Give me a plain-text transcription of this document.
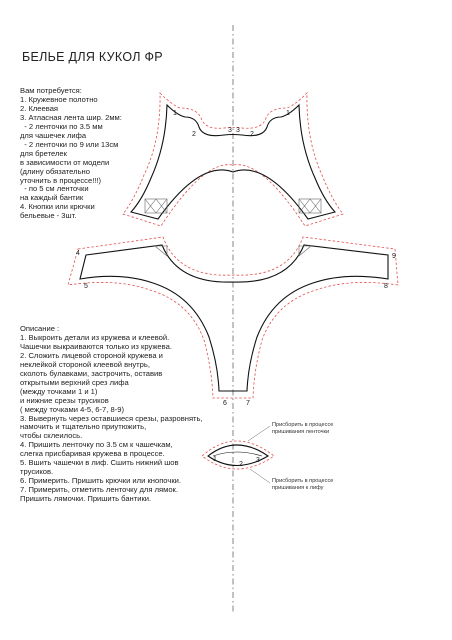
БЕЛЬЕ ДЛЯ КУКОЛ ФР
Вам потребуется:
1. Кружевное полотно
2. Клеевая
3. Атласная лента шир. 2мм:
- 2 ленточки по 3.5 мм
для чашечек лифа
- 2 ленточки по 9 или 13см
для бретелек
в зависимости от модели
(длину обязательно
уточнить в процессе!!!)
- по 5 см ленточки
на каждый бантик
4. Кнопки или крючки
бельевые - 3шт.
Описание :
1. Выкроить детали из кружева и клеевой.
Чашечки выкраиваются только из кружева.
2. Сложить лицевой стороной кружева и
неклейкой стороной клеевой внутрь,
сколоть булавками, застрочить, оставив
открытыми верхний срез лифа
(между точками 1 и 1)
и нижние срезы трусиков
( между точками 4-5, 6-7, 8-9)
3. Вывернуть через оставшиеся срезы, разровнять,
намочить и тщательно приутюжить,
чтобы склеилось.
4. Пришить ленточку по 3.5 см к чашечкам,
слегка присбаривая кружева в процессе.
5. Вшить чашечки в лиф. Сшить нижний шов
трусиков.
6. Примерить. Пришить крючки или кнопочки.
7. Примерить, отметить ленточку для лямок.
Пришить лямочки. Пришить бантики.
Присборить в процессе
пришивания ленточки
Присборить в процессе
пришивания к лифу
1
2
3 3
2
1
4
5
6	7
8
9
1
2
3
